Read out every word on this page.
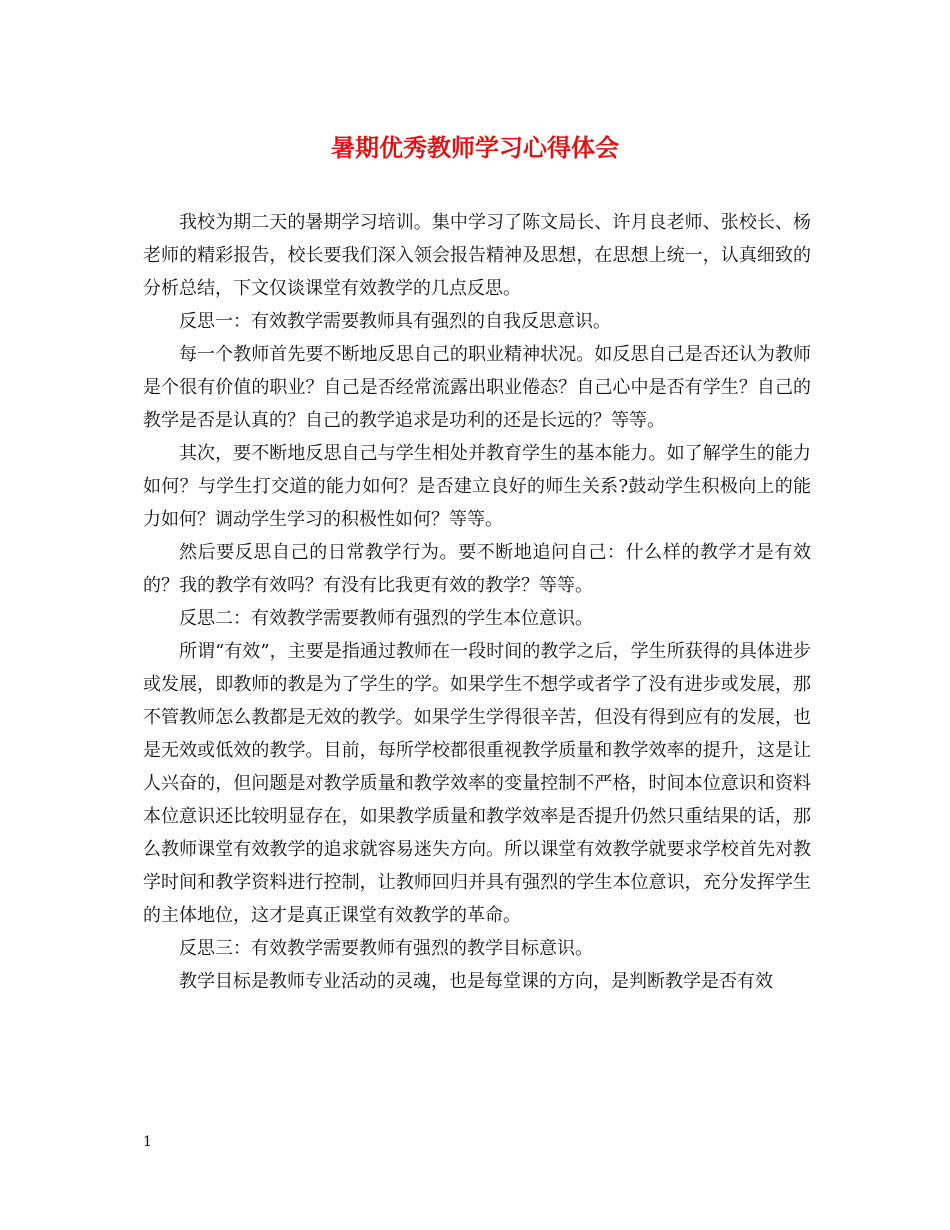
暑期优秀教师学习心得体会

我校为期二天的暑期学习培训。集中学习了陈文局长、许月良老师、张校长、杨老师的精彩报告，校长要我们深入领会报告精神及思想，在思想上统一，认真细致的分析总结，下文仅谈课堂有效教学的几点反思。

反思一：有效教学需要教师具有强烈的自我反思意识。

每一个教师首先要不断地反思自己的职业精神状况。如反思自己是否还认为教师是个很有价值的职业？自己是否经常流露出职业倦态？自己心中是否有学生？自己的教学是否是认真的？自己的教学追求是功利的还是长远的？等等。

其次，要不断地反思自己与学生相处并教育学生的基本能力。如了解学生的能力如何？与学生打交道的能力如何？是否建立良好的师生关系?鼓动学生积极向上的能力如何？调动学生学习的积极性如何？等等。

然后要反思自己的日常教学行为。要不断地追问自己：什么样的教学才是有效的？我的教学有效吗？有没有比我更有效的教学？等等。

反思二：有效教学需要教师有强烈的学生本位意识。

所谓“有效”，主要是指通过教师在一段时间的教学之后，学生所获得的具体进步或发展，即教师的教是为了学生的学。如果学生不想学或者学了没有进步或发展，那不管教师怎么教都是无效的教学。如果学生学得很辛苦，但没有得到应有的发展，也是无效或低效的教学。目前，每所学校都很重视教学质量和教学效率的提升，这是让人兴奋的，但问题是对教学质量和教学效率的变量控制不严格，时间本位意识和资料本位意识还比较明显存在，如果教学质量和教学效率是否提升仍然只重结果的话，那么教师课堂有效教学的追求就容易迷失方向。所以课堂有效教学就要求学校首先对教学时间和教学资料进行控制，让教师回归并具有强烈的学生本位意识，充分发挥学生的主体地位，这才是真正课堂有效教学的革命。

反思三：有效教学需要教师有强烈的教学目标意识。

教学目标是教师专业活动的灵魂，也是每堂课的方向，是判断教学是否有效

1
